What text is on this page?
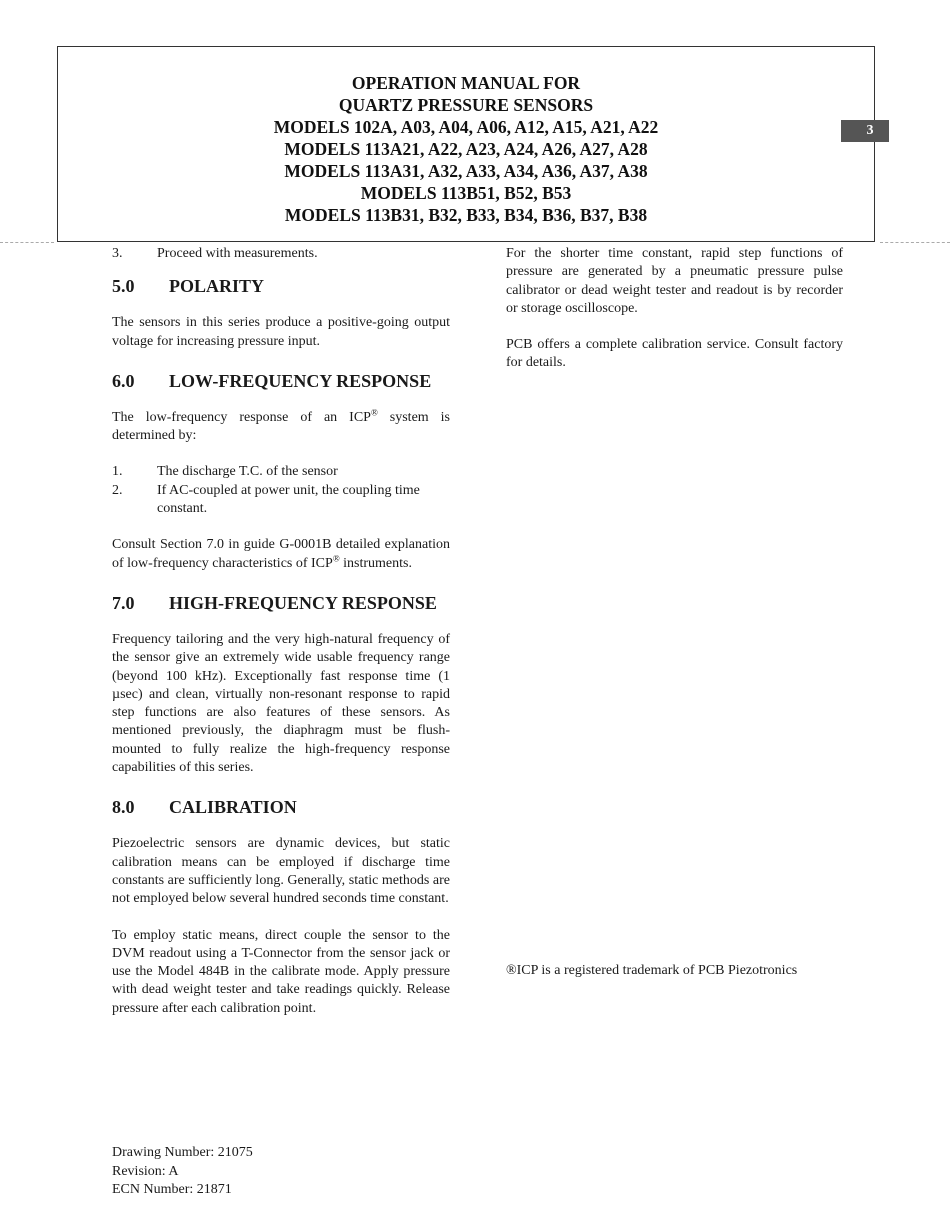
OPERATION MANUAL FOR
QUARTZ PRESSURE SENSORS
MODELS 102A, A03, A04, A06, A12, A15, A21, A22
MODELS 113A21, A22, A23, A24, A26, A27, A28
MODELS 113A31, A32, A33, A34, A36, A37, A38
MODELS 113B51, B52, B53
MODELS 113B31, B32, B33, B34, B36, B37, B38
3
3.	Proceed with measurements.
5.0	POLARITY

The sensors in this series produce a positive-going output voltage for increasing pressure input.

6.0	LOW-FREQUENCY RESPONSE

The low-frequency response of an ICP® system is determined by:

1.	The discharge T.C. of the sensor
2.	If AC-coupled at power unit, the coupling time constant.

Consult Section 7.0 in guide G-0001B detailed explanation of low-frequency characteristics of ICP® instruments.

7.0	HIGH-FREQUENCY RESPONSE

Frequency tailoring and the very high-natural frequency of the sensor give an extremely wide usable frequency range (beyond 100 kHz). Exceptionally fast response time (1 µsec) and clean, virtually non-resonant response to rapid step functions are also features of these sensors. As mentioned previously, the diaphragm must be flush-mounted to fully realize the high-frequency response capabilities of this series.

8.0	CALIBRATION

Piezoelectric sensors are dynamic devices, but static calibration means can be employed if discharge time constants are sufficiently long. Generally, static methods are not employed below several hundred seconds time constant.

To employ static means, direct couple the sensor to the DVM readout using a T-Connector from the sensor jack or use the Model 484B in the calibrate mode. Apply pressure with dead weight tester and take readings quickly. Release pressure after each calibration point.

For the shorter time constant, rapid step functions of pressure are generated by a pneumatic pressure pulse calibrator or dead weight tester and readout is by recorder or storage oscilloscope.

PCB offers a complete calibration service. Consult factory for details.

®ICP is a registered trademark of PCB Piezotronics
Drawing Number: 21075
Revision: A
ECN Number: 21871
